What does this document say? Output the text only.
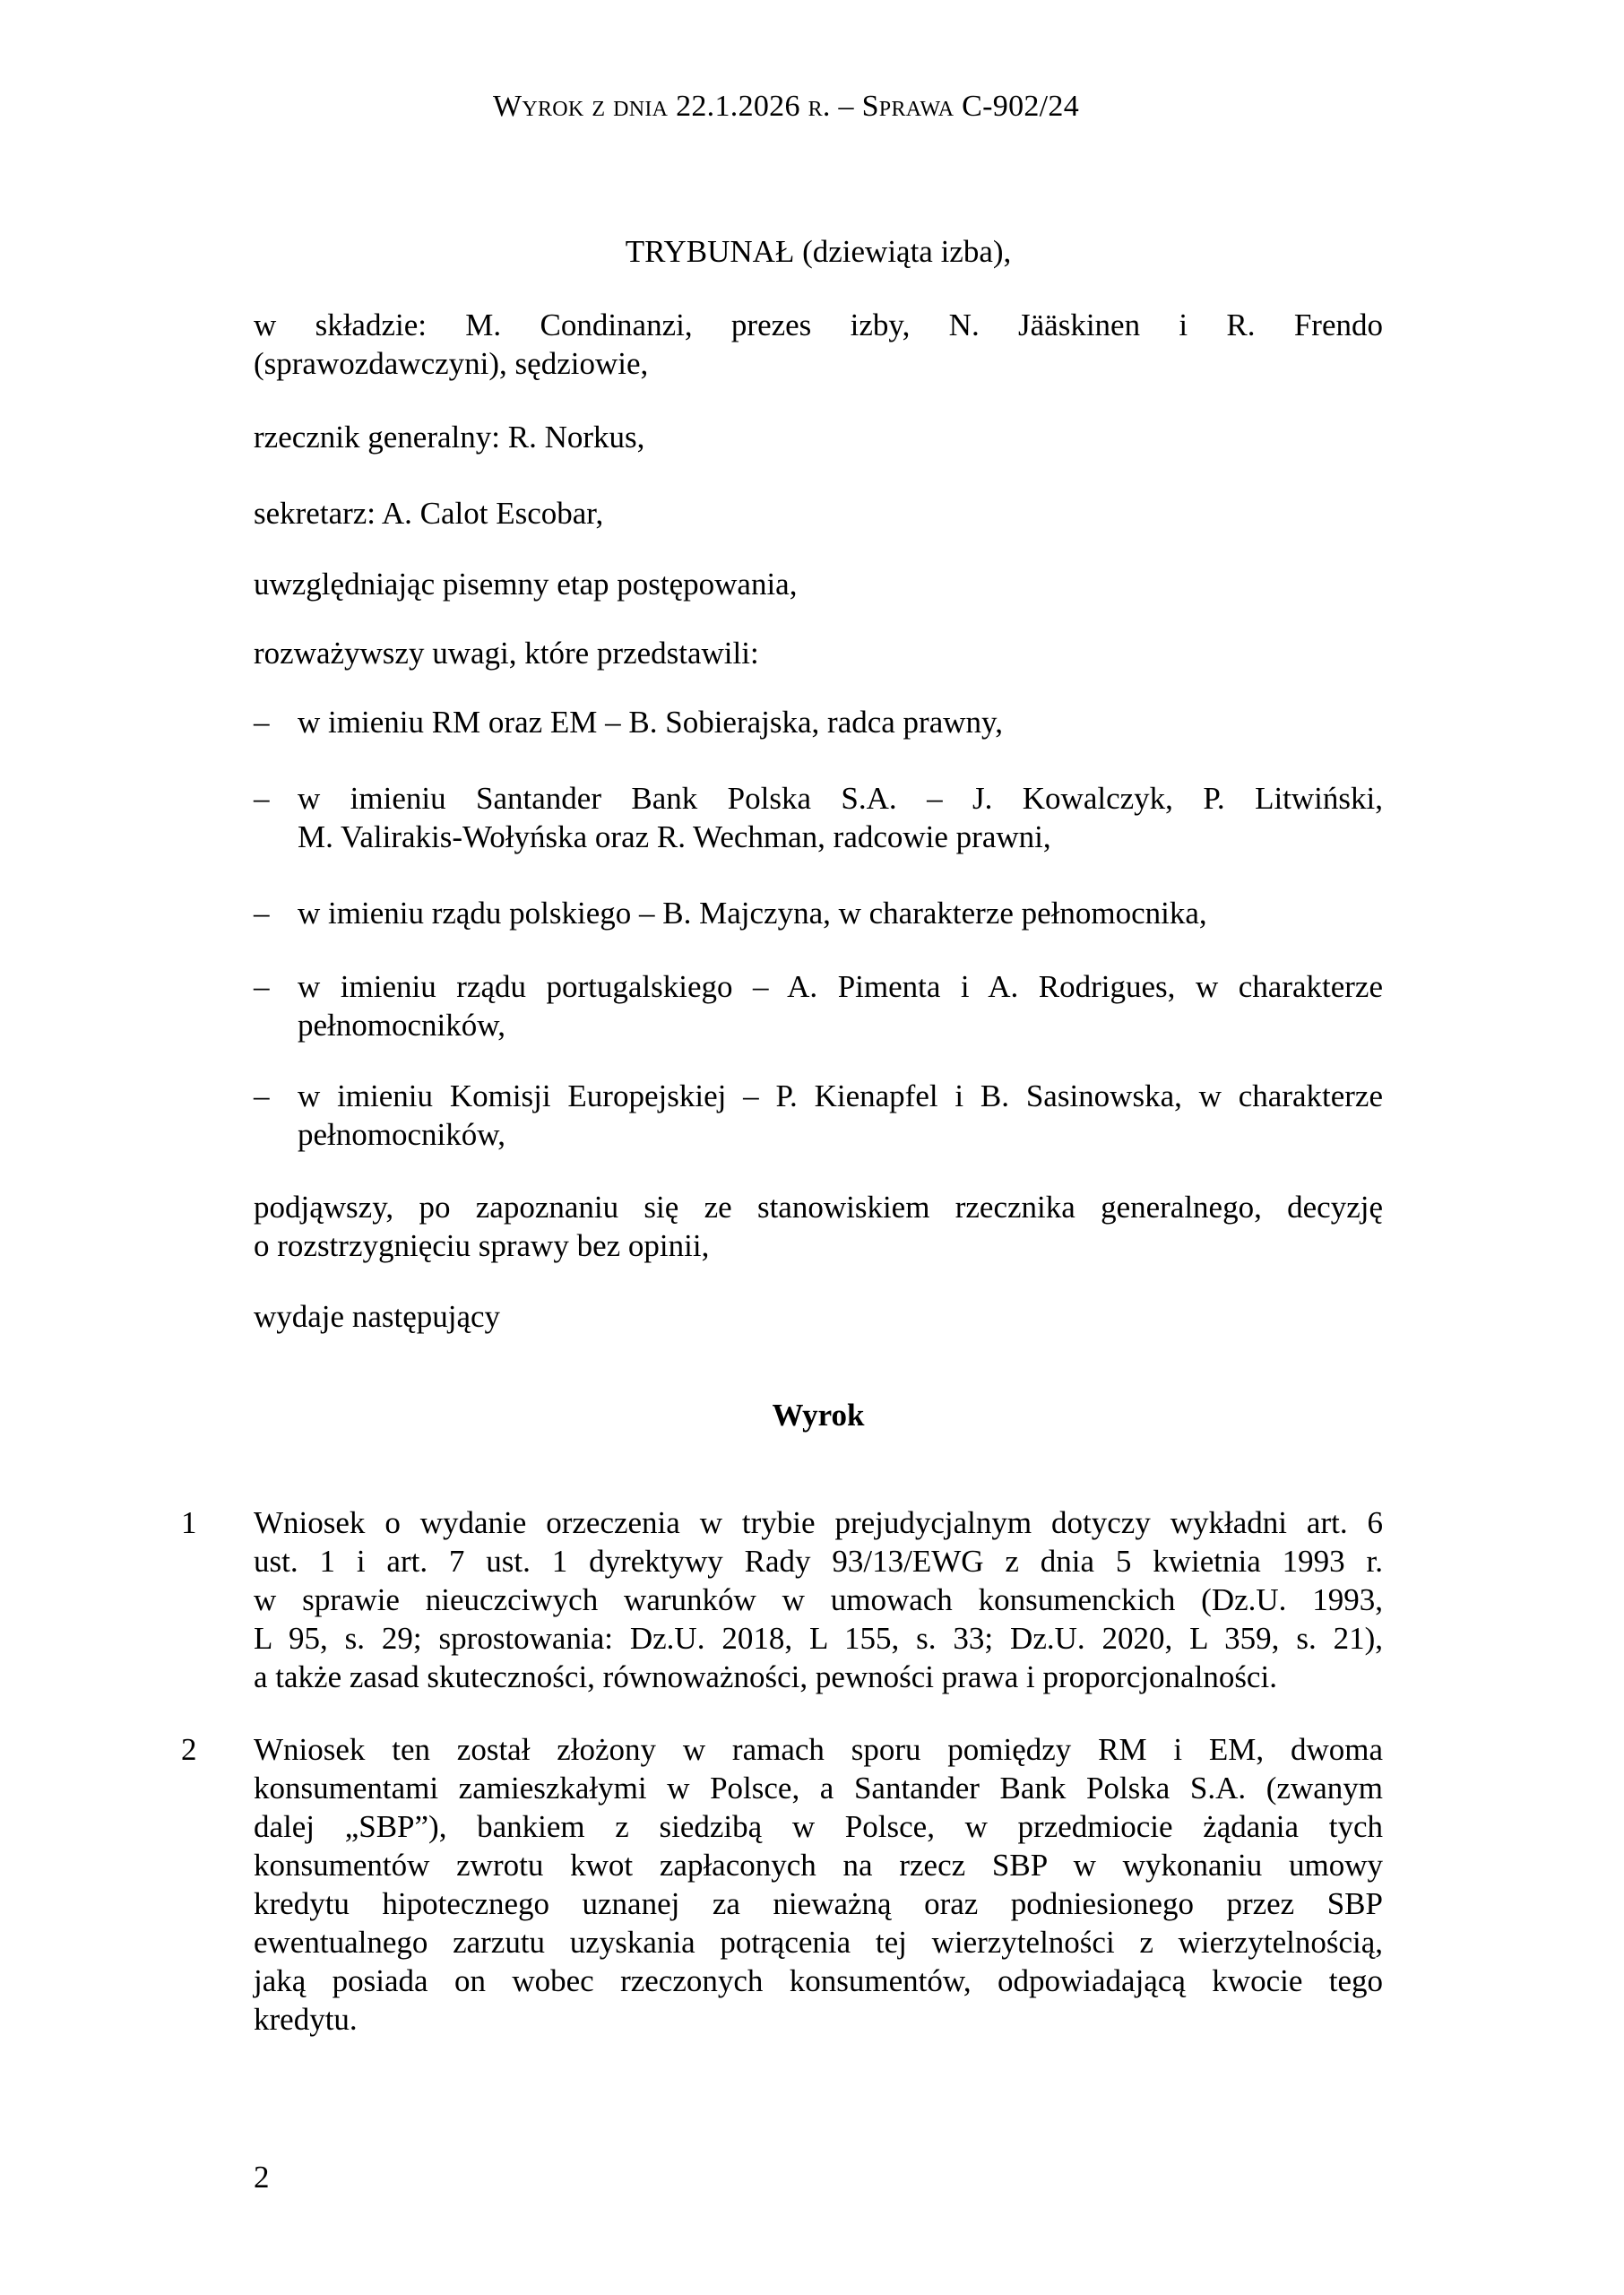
Wyrok z dnia 22.1.2026 r. – Sprawa C-902/24
TRYBUNAŁ (dziewiąta izba),
w składzie: M. Condinanzi, prezes izby, N. Jääskinen i R. Frendo
(sprawozdawczyni), sędziowie,
rzecznik generalny: R. Norkus,
sekretarz: A. Calot Escobar,
uwzględniając pisemny etap postępowania,
rozważywszy uwagi, które przedstawili:
– w imieniu RM oraz EM – B. Sobierajska, radca prawny,
– w imieniu Santander Bank Polska S.A. – J. Kowalczyk, P. Litwiński,
M. Valirakis-Wołyńska oraz R. Wechman, radcowie prawni,
– w imieniu rządu polskiego – B. Majczyna, w charakterze pełnomocnika,
– w imieniu rządu portugalskiego – A. Pimenta i A. Rodrigues, w charakterze
pełnomocników,
– w imieniu Komisji Europejskiej – P. Kienapfel i B. Sasinowska, w charakterze
pełnomocników,
podjąwszy, po zapoznaniu się ze stanowiskiem rzecznika generalnego, decyzję
o rozstrzygnięciu sprawy bez opinii,
wydaje następujący
Wyrok
1 Wniosek o wydanie orzeczenia w trybie prejudycjalnym dotyczy wykładni art. 6
ust. 1 i art. 7 ust. 1 dyrektywy Rady 93/13/EWG z dnia 5 kwietnia 1993 r.
w sprawie nieuczciwych warunków w umowach konsumenckich (Dz.U. 1993,
L 95, s. 29; sprostowania: Dz.U. 2018, L 155, s. 33; Dz.U. 2020, L 359, s. 21),
a także zasad skuteczności, równoważności, pewności prawa i proporcjonalności.
2 Wniosek ten został złożony w ramach sporu pomiędzy RM i EM, dwoma
konsumentami zamieszkałymi w Polsce, a Santander Bank Polska S.A. (zwanym
dalej „SBP”), bankiem z siedzibą w Polsce, w przedmiocie żądania tych
konsumentów zwrotu kwot zapłaconych na rzecz SBP w wykonaniu umowy
kredytu hipotecznego uznanej za nieważną oraz podniesionego przez SBP
ewentualnego zarzutu uzyskania potrącenia tej wierzytelności z wierzytelnością,
jaką posiada on wobec rzeczonych konsumentów, odpowiadającą kwocie tego
kredytu.
2
